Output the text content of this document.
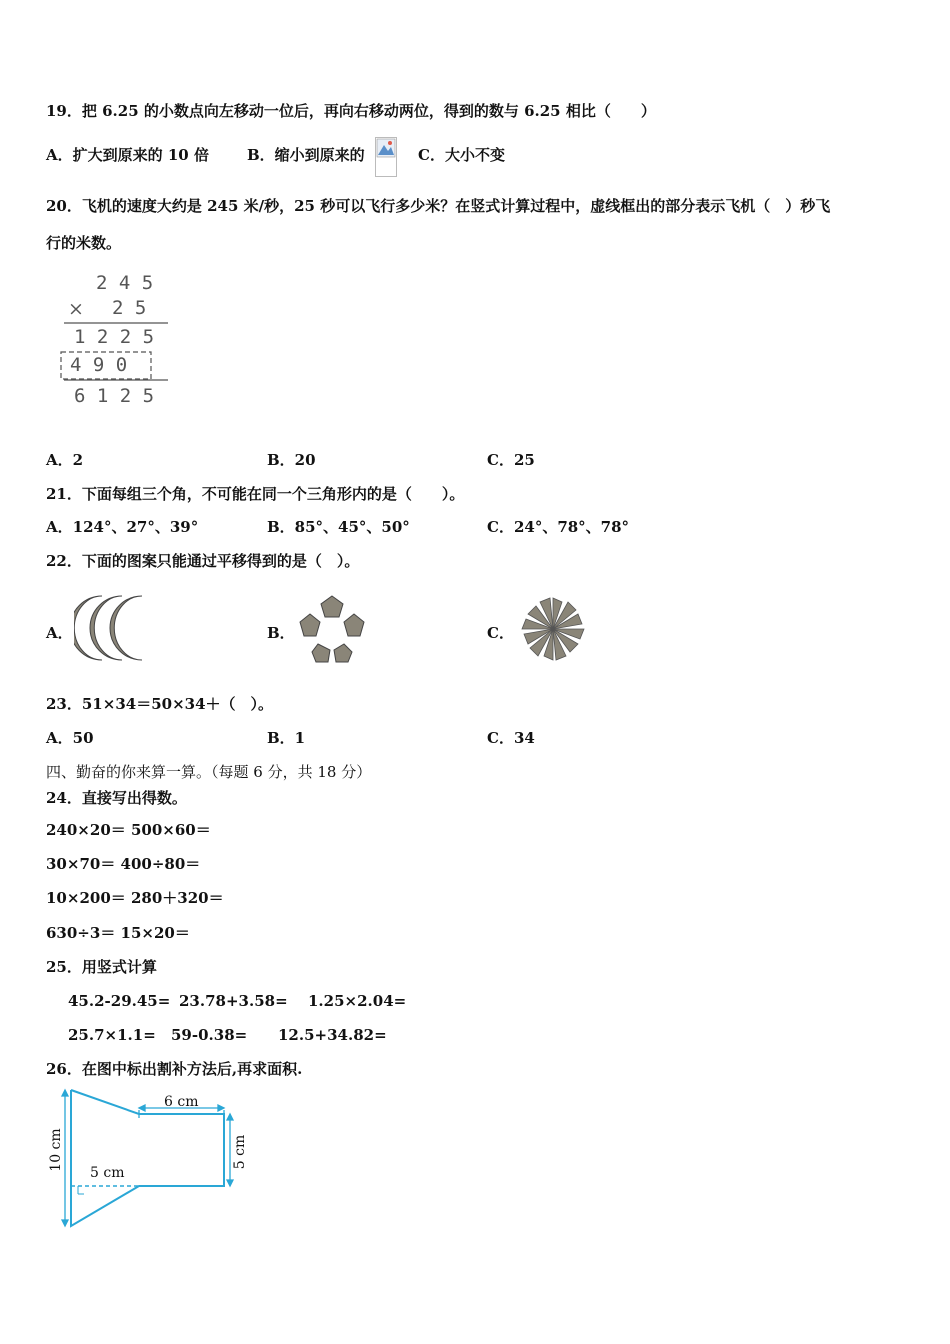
19．把 6.25 的小数点向左移动一位后，再向右移动两位，得到的数与 6.25 相比（　　）
A．扩大到原来的 10 倍	B．缩小到原来的	C．大小不变
20．飞机的速度大约是 245 米/秒，25 秒可以飞行多少米？在竖式计算过程中，虚线框出的部分表示飞机（　）秒飞
行的米数。
2 4 5
× 2 5
1 2 2 5
4 9 0
6 1 2 5
A．2	B．20	C．25
21．下面每组三个角，不可能在同一个三角形内的是（　　）。
A．124°、27°、39°	B．85°、45°、50°	C．24°、78°、78°
22．下面的图案只能通过平移得到的是（　）。
A．	B．	C．
23．51×34＝50×34＋（　）。
A．50	B．1	C．34
四、勤奋的你来算一算。（每题 6 分，共 18 分）
24．直接写出得数。
240×20＝ 500×60＝
30×70＝ 400÷80＝
10×200＝ 280＋320＝
630÷3＝ 15×20＝
25．用竖式计算
45.2-29.45= 23.78+3.58= 1.25×2.04=
25.7×1.1= 59-0.38= 12.5+34.82=
26．在图中标出割补方法后,再求面积.
6 cm
5 cm
10 cm
5 cm
